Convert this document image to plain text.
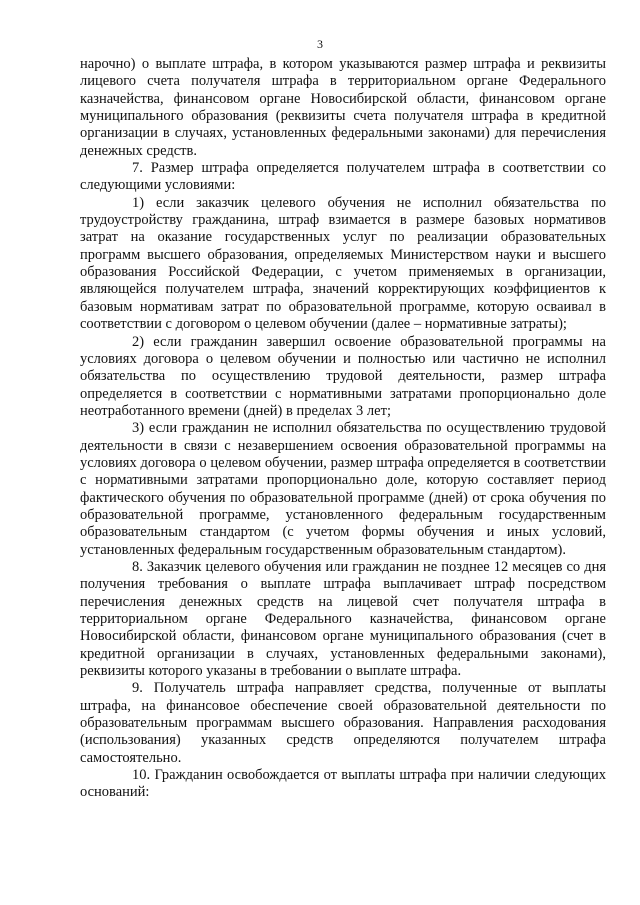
3

нарочно) о выплате штрафа, в котором указываются размер штрафа и реквизиты лицевого счета получателя штрафа в территориальном органе Федерального казначейства, финансовом органе Новосибирской области, финансовом органе муниципального образования (реквизиты счета получателя штрафа в кредитной организации в случаях, установленных федеральными законами) для перечисления денежных средств.

7. Размер штрафа определяется получателем штрафа в соответствии со следующими условиями:

1) если заказчик целевого обучения не исполнил обязательства по трудоустройству гражданина, штраф взимается в размере базовых нормативов затрат на оказание государственных услуг по реализации образовательных программ высшего образования, определяемых Министерством науки и высшего образования Российской Федерации, с учетом применяемых в организации, являющейся получателем штрафа, значений корректирующих коэффициентов к базовым нормативам затрат по образовательной программе, которую осваивал в соответствии с договором о целевом обучении (далее – нормативные затраты);

2) если гражданин завершил освоение образовательной программы на условиях договора о целевом обучении и полностью или частично не исполнил обязательства по осуществлению трудовой деятельности, размер штрафа определяется в соответствии с нормативными затратами пропорционально доле неотработанного времени (дней) в пределах 3 лет;

3) если гражданин не исполнил обязательства по осуществлению трудовой деятельности в связи с незавершением освоения образовательной программы на условиях договора о целевом обучении, размер штрафа определяется в соответствии с нормативными затратами пропорционально доле, которую составляет период фактического обучения по образовательной программе (дней) от срока обучения по образовательной программе, установленного федеральным государственным образовательным стандартом (с учетом формы обучения и иных условий, установленных федеральным государственным образовательным стандартом).

8. Заказчик целевого обучения или гражданин не позднее 12 месяцев со дня получения требования о выплате штрафа выплачивает штраф посредством перечисления денежных средств на лицевой счет получателя штрафа в территориальном органе Федерального казначейства, финансовом органе Новосибирской области, финансовом органе муниципального образования (счет в кредитной организации в случаях, установленных федеральными законами), реквизиты которого указаны в требовании о выплате штрафа.

9. Получатель штрафа направляет средства, полученные от выплаты штрафа, на финансовое обеспечение своей образовательной деятельности по образовательным программам высшего образования. Направления расходования (использования) указанных средств определяются получателем штрафа самостоятельно.

10. Гражданин освобождается от выплаты штрафа при наличии следующих оснований:
